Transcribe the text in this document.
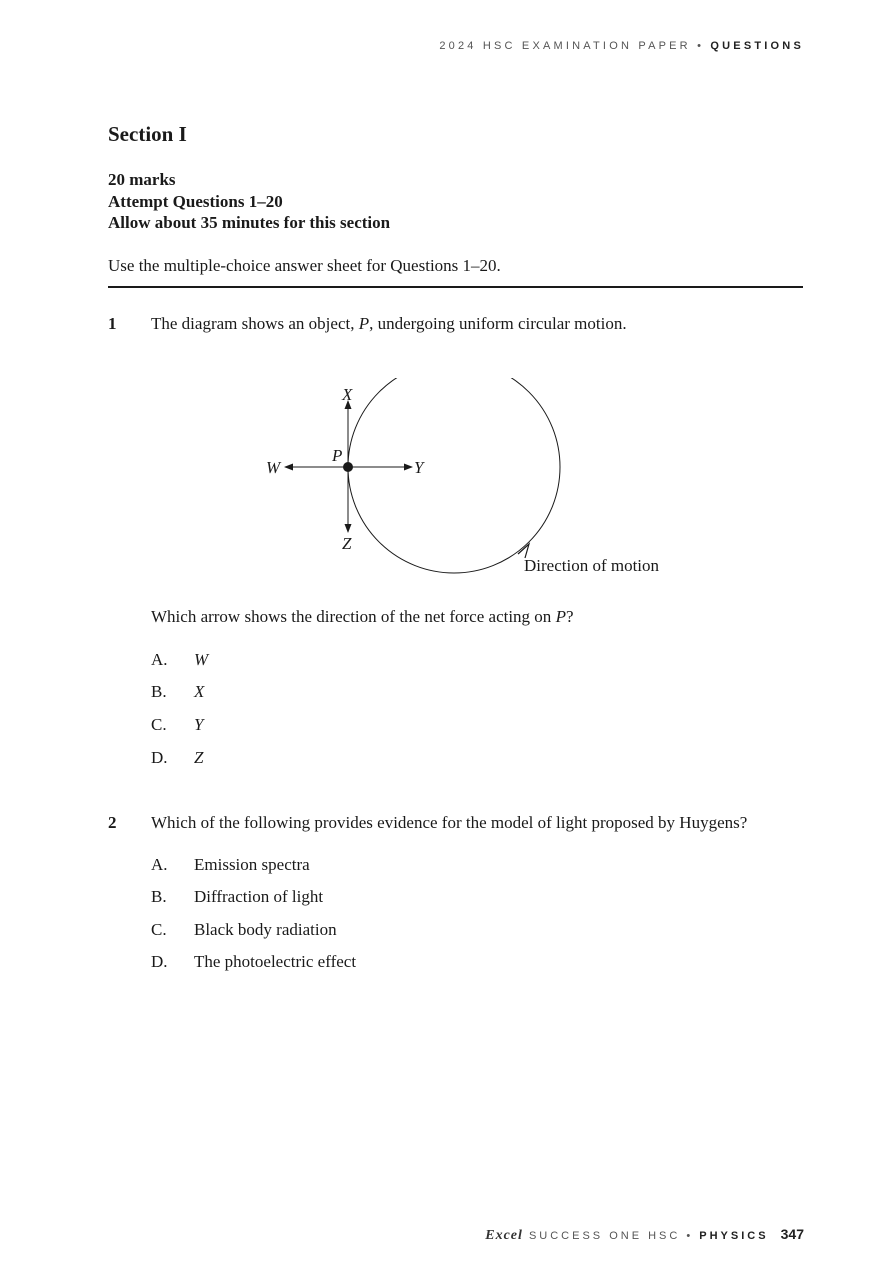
2024 HSC EXAMINATION PAPER • QUESTIONS
Section I
20 marks
Attempt Questions 1–20
Allow about 35 minutes for this section
Use the multiple-choice answer sheet for Questions 1–20.
1 The diagram shows an object, P, undergoing uniform circular motion.
X
W
P
Y
Z
Direction of motion
Which arrow shows the direction of the net force acting on P?
A. W
B. X
C. Y
D. Z
2 Which of the following provides evidence for the model of light proposed by Huygens?
A. Emission spectra
B. Diffraction of light
C. Black body radiation
D. The photoelectric effect
Excel SUCCESS ONE HSC • PHYSICS 347
